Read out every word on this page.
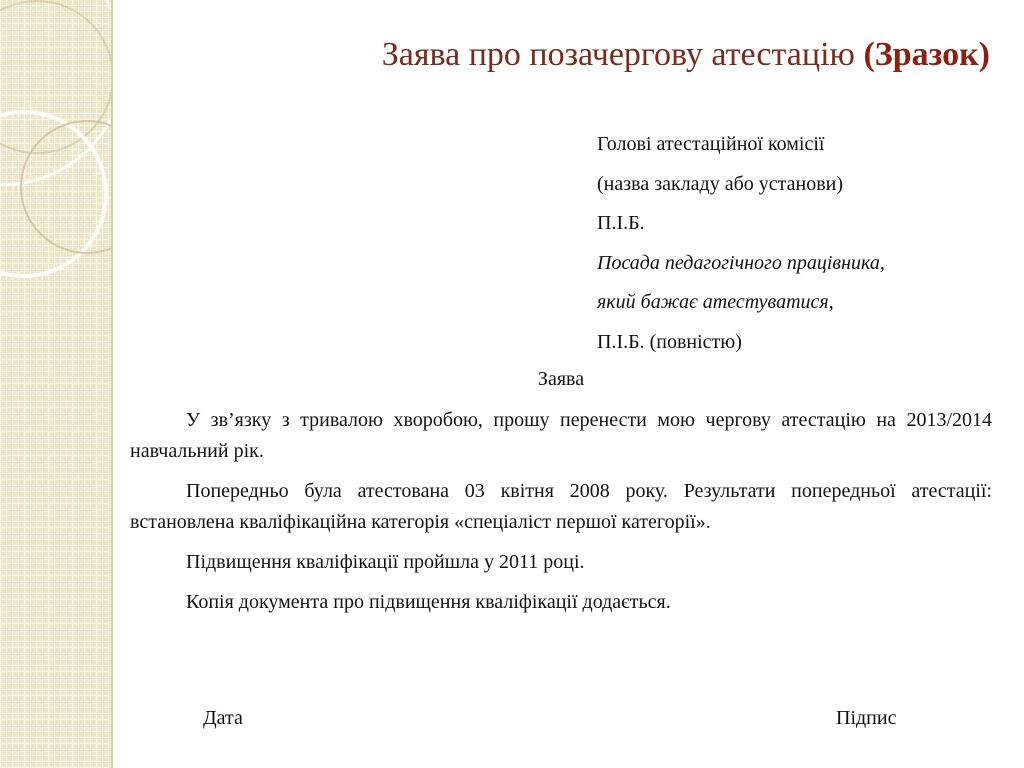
Заява про позачергову атестацію (Зразок)
Голові атестаційної комісії
(назва закладу або установи)
П.І.Б.
Посада педагогічного працівника,
який бажає атестуватися,
П.І.Б. (повністю)
Заява

У зв’язку з тривалою хворобою, прошу перенести мою чергову атестацію на 2013/2014 навчальний рік.

Попередньо була атестована 03 квітня 2008 року. Результати попередньої атестації: встановлена кваліфікаційна категорія «спеціаліст першої категорії».

Підвищення кваліфікації пройшла у 2011 році.

Копія документа про підвищення кваліфікації додається.

Дата	Підпис
